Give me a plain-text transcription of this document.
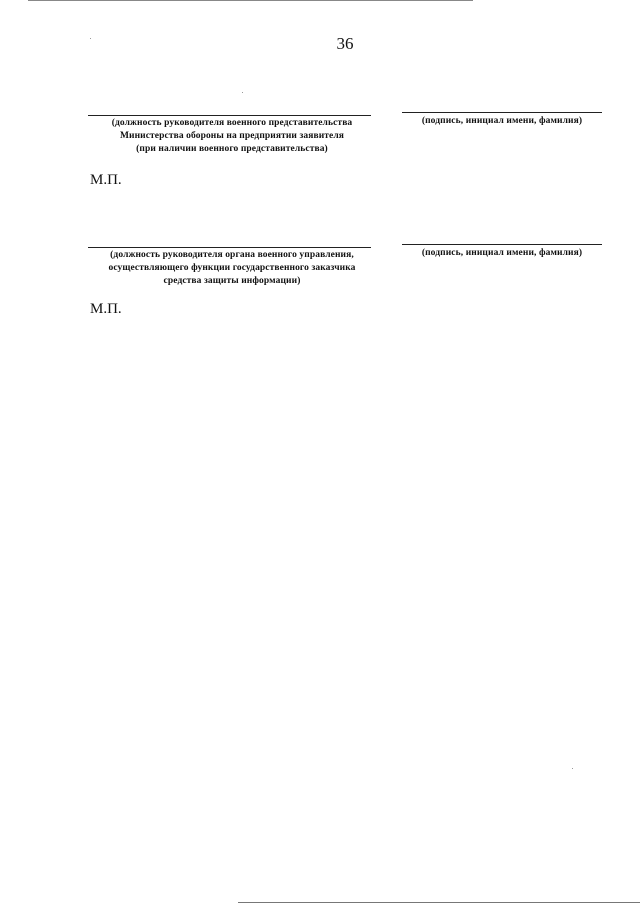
36
(должность руководителя военного представительства
Министерства обороны на предприятии заявителя
(при наличии военного представительства)
(подпись, инициал имени, фамилия)
М.П.
(должность руководителя органа военного управления,
осуществляющего функции государственного заказчика
средства защиты информации)
(подпись, инициал имени, фамилия)
М.П.
